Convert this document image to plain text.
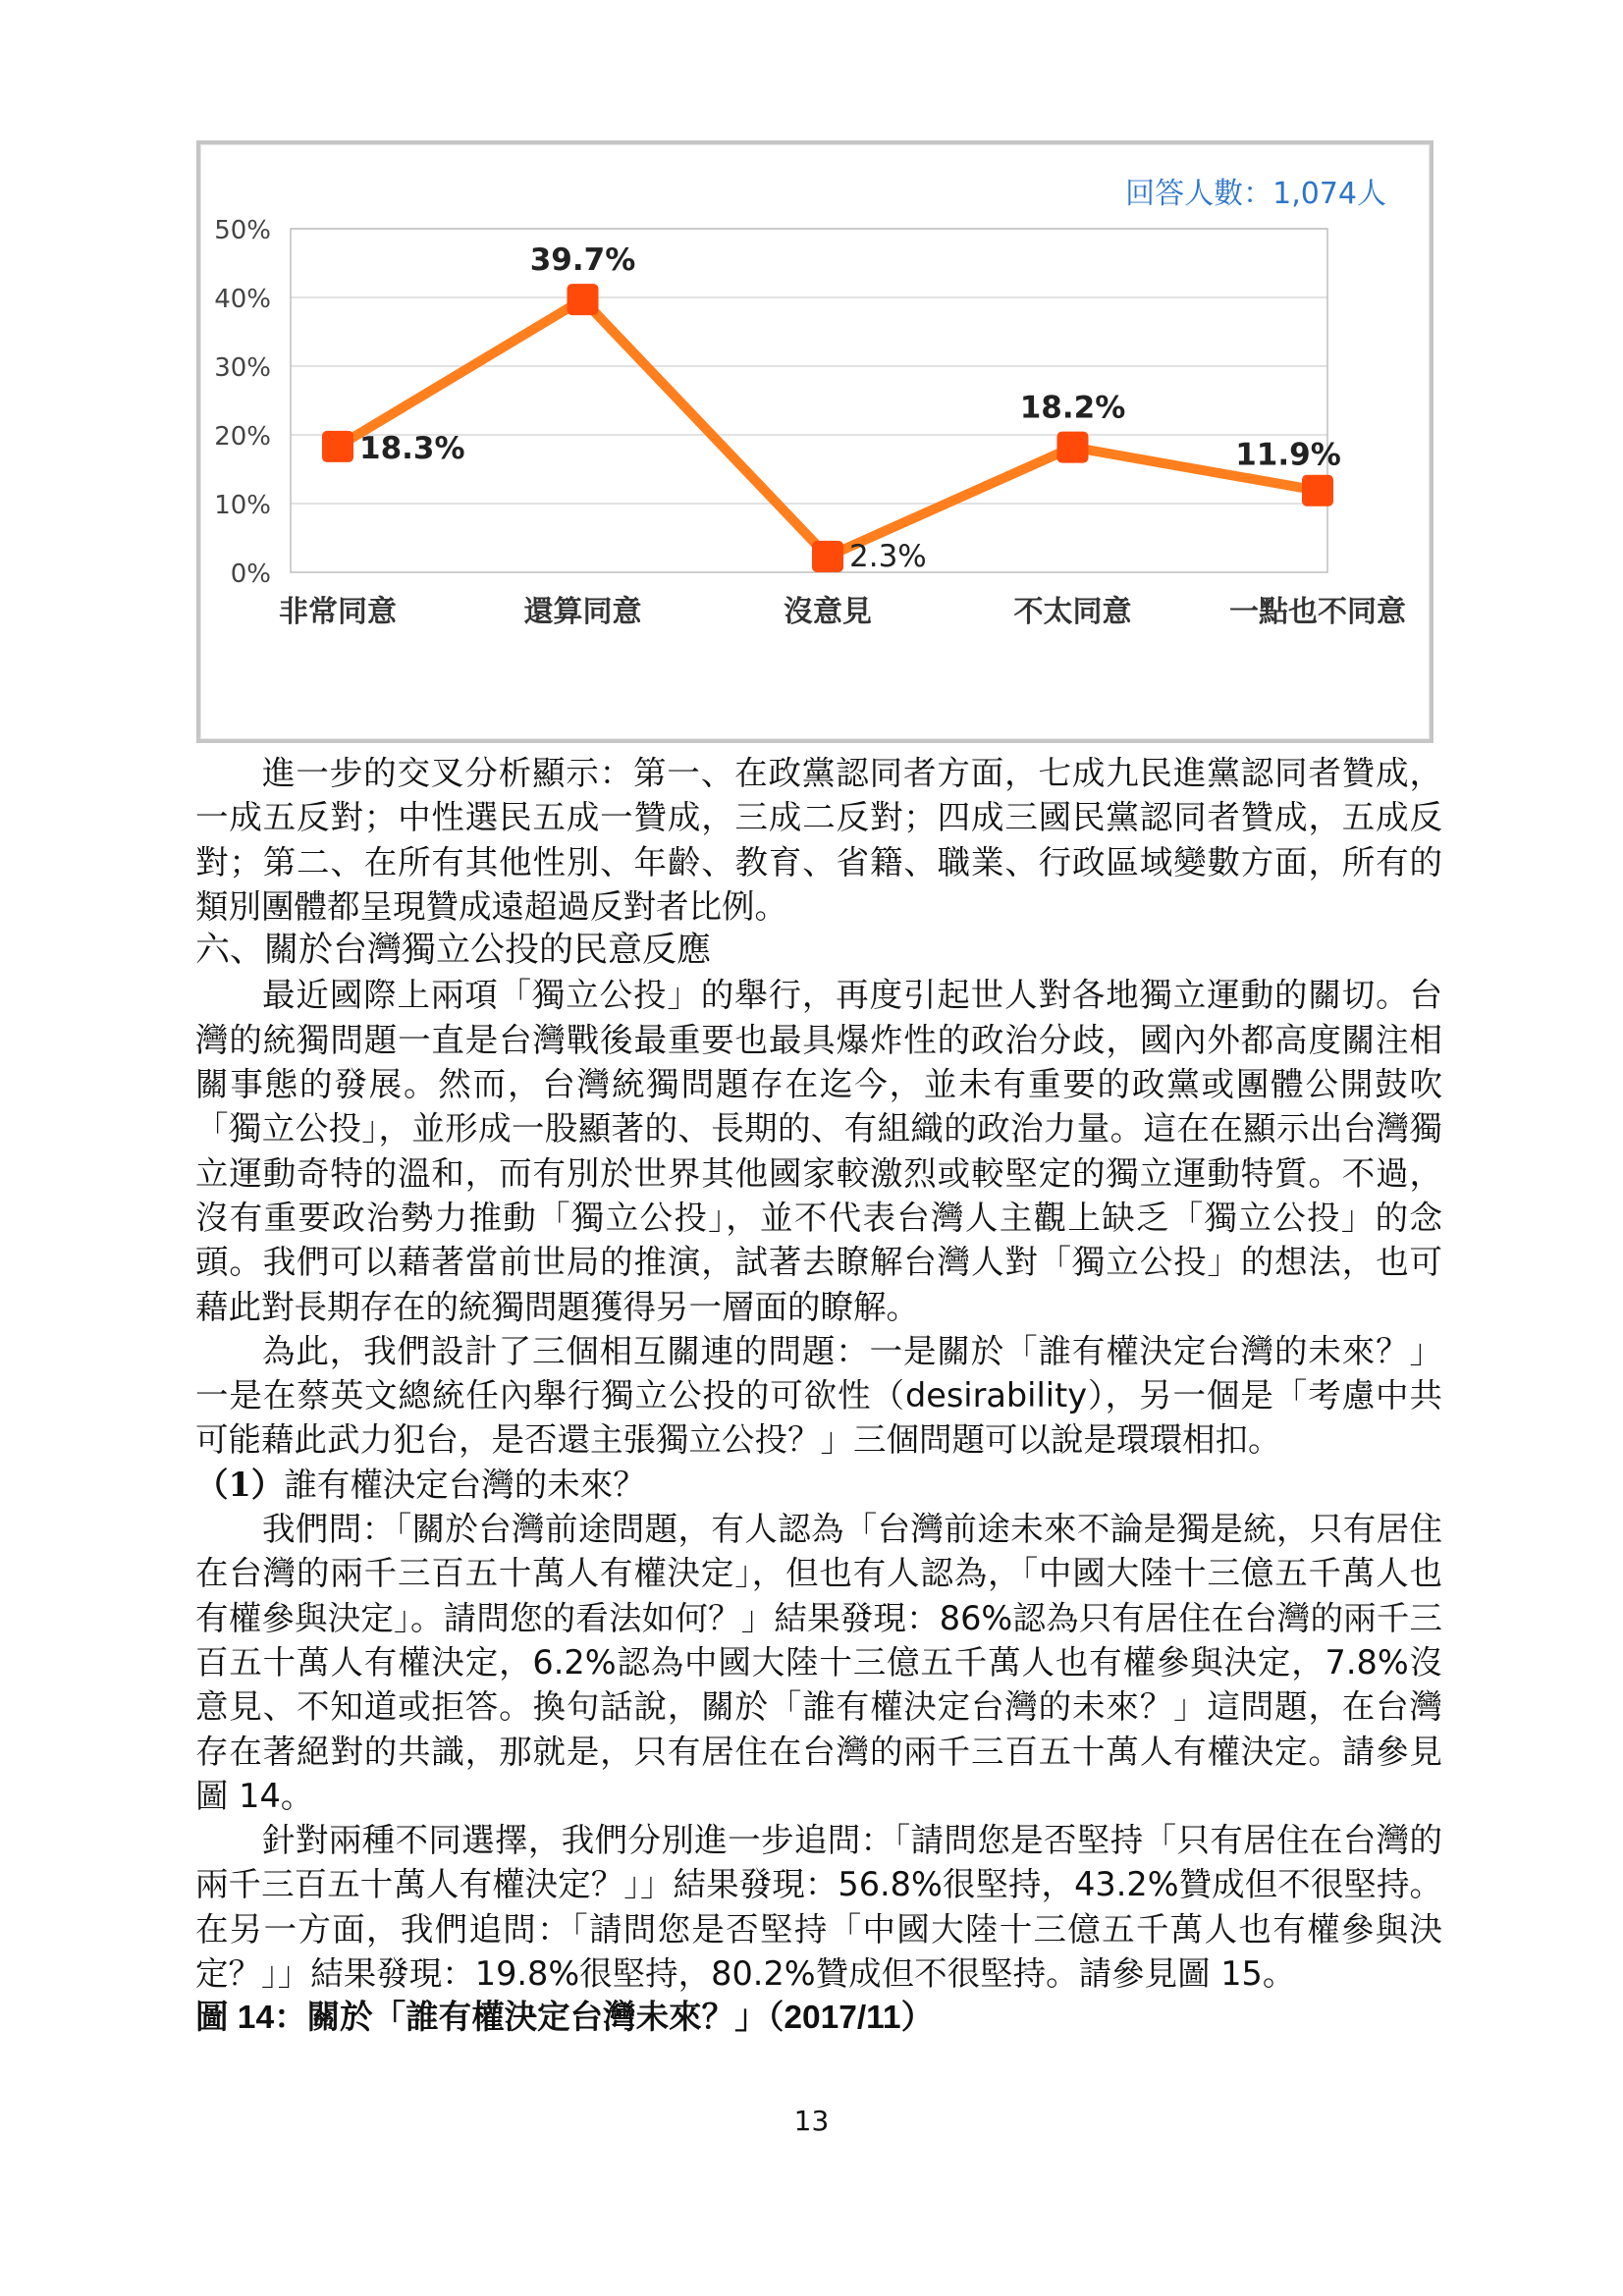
回答人數：1,074人
0%
10%
20%
30%
40%
50%
非常同意	還算同意	沒意見	不太同意	一點也不同意
18.3%
39.7%
2.3%
18.2%
11.9%

進一步的交叉分析顯示：第一、在政黨認同者方面，七成九民進黨認同者贊成，一成五反對；中性選民五成一贊成，三成二反對；四成三國民黨認同者贊成，五成反對；第二、在所有其他性別、年齡、教育、省籍、職業、行政區域變數方面，所有的類別團體都呈現贊成遠超過反對者比例。

六、關於台灣獨立公投的民意反應

最近國際上兩項「獨立公投」的舉行，再度引起世人對各地獨立運動的關切。台灣的統獨問題一直是台灣戰後最重要也最具爆炸性的政治分歧，國內外都高度關注相關事態的發展。然而，台灣統獨問題存在迄今，並未有重要的政黨或團體公開鼓吹「獨立公投」，並形成一股顯著的、長期的、有組織的政治力量。這在在顯示出台灣獨立運動奇特的溫和，而有別於世界其他國家較激烈或較堅定的獨立運動特質。不過，沒有重要政治勢力推動「獨立公投」，並不代表台灣人主觀上缺乏「獨立公投」的念頭。我們可以藉著當前世局的推演，試著去瞭解台灣人對「獨立公投」的想法，也可藉此對長期存在的統獨問題獲得另一層面的瞭解。

為此，我們設計了三個相互關連的問題：一是關於「誰有權決定台灣的未來？」一是在蔡英文總統任內舉行獨立公投的可欲性（desirability），另一個是「考慮中共可能藉此武力犯台，是否還主張獨立公投？」三個問題可以說是環環相扣。

（1）誰有權決定台灣的未來？

我們問：「關於台灣前途問題，有人認為「台灣前途未來不論是獨是統，只有居住在台灣的兩千三百五十萬人有權決定」，但也有人認為，「中國大陸十三億五千萬人也有權參與決定」。請問您的看法如何？」結果發現：86%認為只有居住在台灣的兩千三百五十萬人有權決定，6.2%認為中國大陸十三億五千萬人也有權參與決定，7.8%沒意見、不知道或拒答。換句話說，關於「誰有權決定台灣的未來？」這問題，在台灣存在著絕對的共識，那就是，只有居住在台灣的兩千三百五十萬人有權決定。請參見圖 14。

針對兩種不同選擇，我們分別進一步追問：「請問您是否堅持「只有居住在台灣的兩千三百五十萬人有權決定？」」結果發現：56.8%很堅持，43.2%贊成但不很堅持。在另一方面，我們追問：「請問您是否堅持「中國大陸十三億五千萬人也有權參與決定？」」結果發現：19.8%很堅持，80.2%贊成但不很堅持。請參見圖 15。

圖 14：關於「誰有權決定台灣未來？」（2017/11）
13
